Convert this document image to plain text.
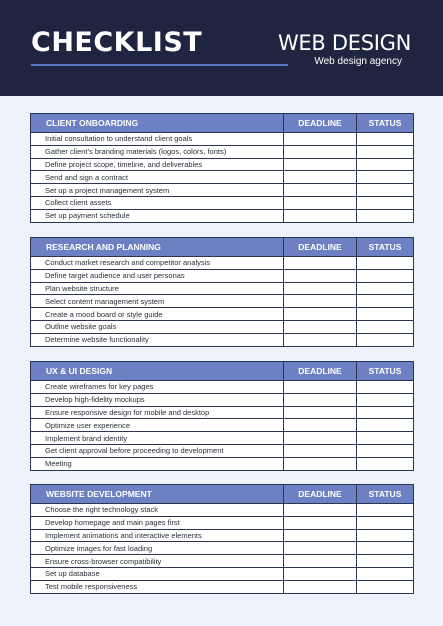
CHECKLIST	WEB DESIGN
Web design agency
CLIENT ONBOARDING	DEADLINE	STATUS
Initial consultation to understand client goals		
Gather client’s branding materials (logos, colors, fonts)		
Define project scope, timeline, and deliverables		
Send and sign a contract		
Set up a project management system		
Collect client assets		
Set up payment schedule		
RESEARCH AND PLANNING	DEADLINE	STATUS
Conduct market research and competitor analysis		
Define target audience and user personas		
Plan website structure		
Select content management system		
Create a mood board or style guide		
Outline website goals		
Determine website functionality		
UX & UI DESIGN	DEADLINE	STATUS
Create wireframes for key pages		
Develop high-fidelity mockups		
Ensure responsive design for mobile and desktop		
Optimize user experience		
Implement brand identity		
Get client approval before proceeding to development		
Meeting		
WEBSITE DEVELOPMENT	DEADLINE	STATUS
Choose the right technology stack		
Develop homepage and main pages first		
Implement animations and interactive elements		
Optimize images for fast loading		
Ensure cross-browser compatibility		
Set up database		
Test mobile responsiveness		
